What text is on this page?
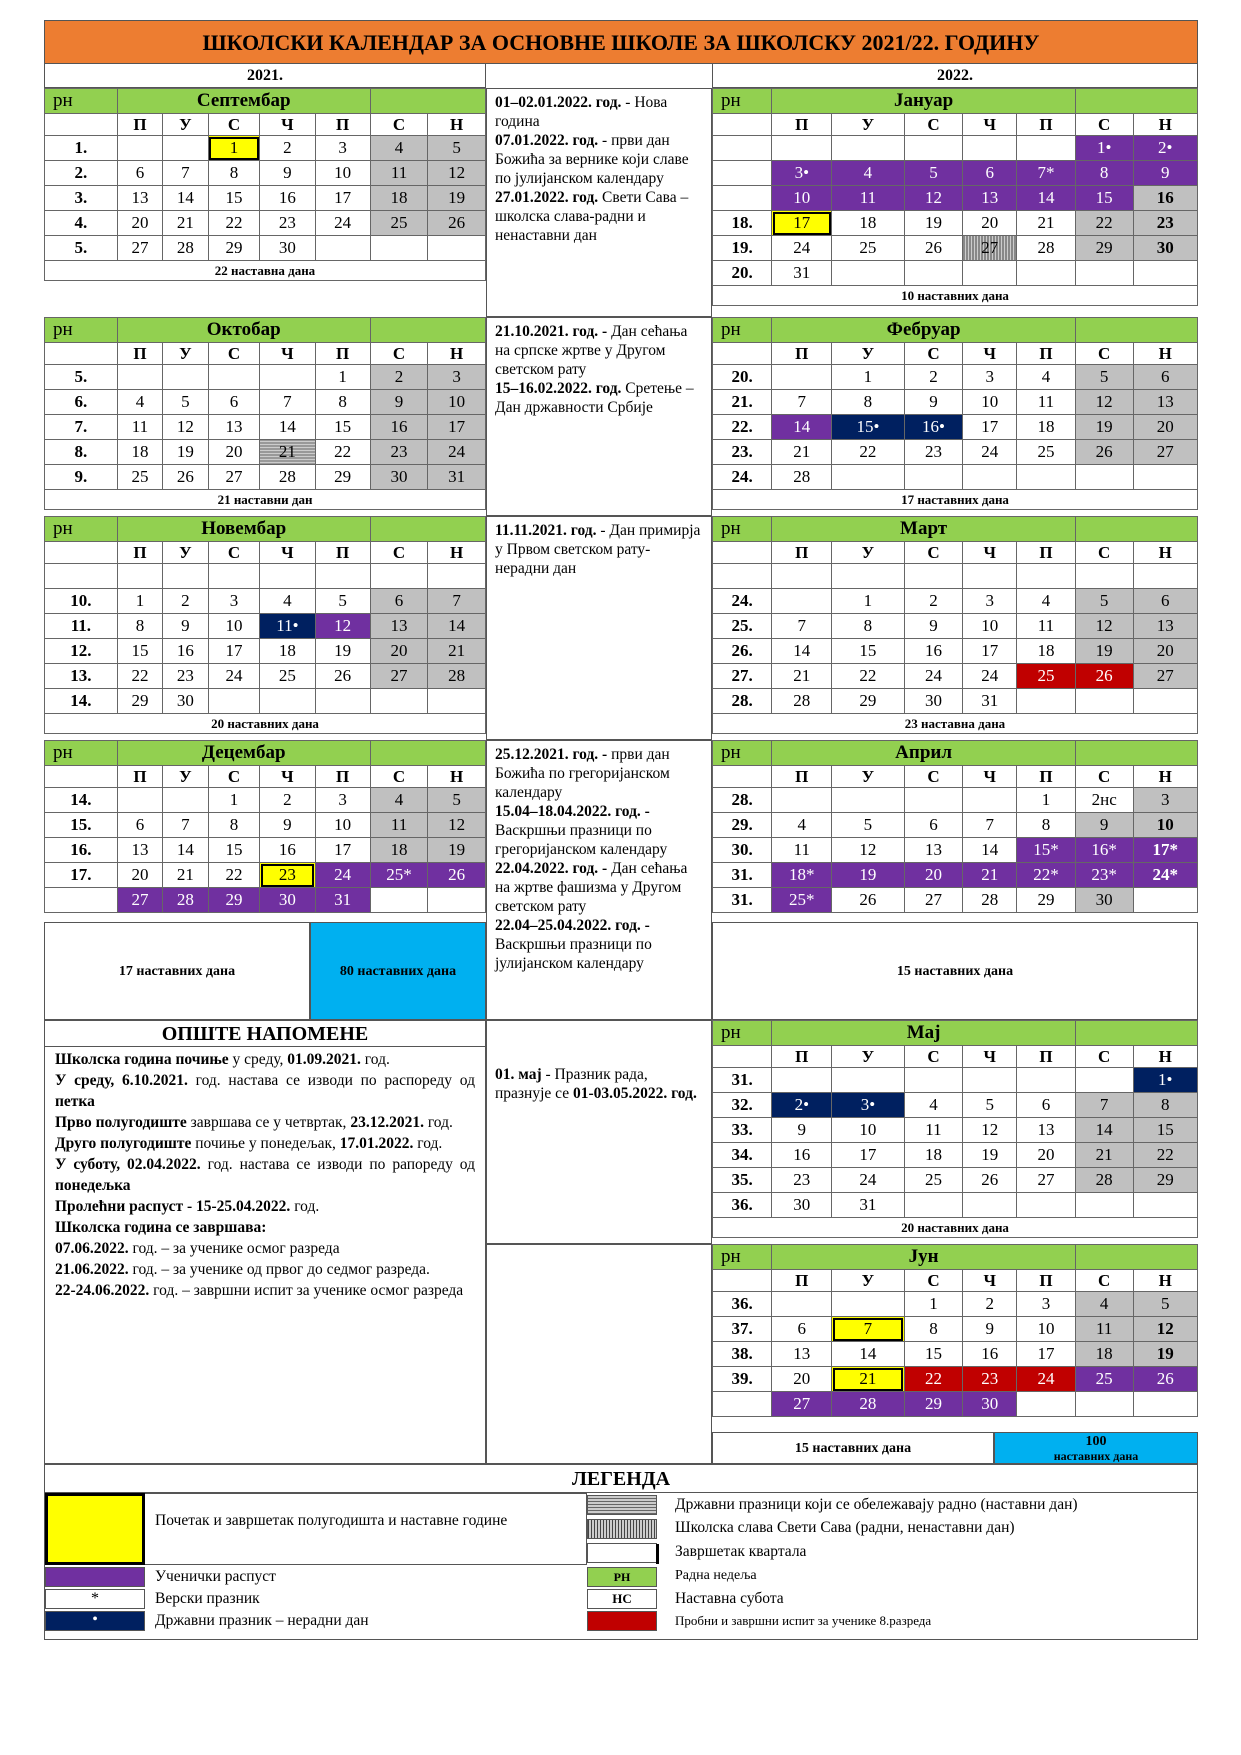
ШКОЛСКИ КАЛЕНДАР ЗА ОСНОВНЕ ШКОЛЕ ЗА ШКОЛСКУ 2021/22. ГОДИНУ
2021.	2022.
рн	Септембар						
	П	У	С	Ч	П	С	Н
1.			1	2	3	4	5
2.	6	7	8	9	10	11	12
3.	13	14	15	16	17	18	19
4.	20	21	22	23	24	25	26
5.	27	28	29	30			
22 наставна дана							
рн	Октобар						
	П	У	С	Ч	П	С	Н
5.					1	2	3
6.	4	5	6	7	8	9	10
7.	11	12	13	14	15	16	17
8.	18	19	20	21	22	23	24
9.	25	26	27	28	29	30	31
21 наставни дан							
рн	Новембар						
	П	У	С	Ч	П	С	Н

10.	1	2	3	4	5	6	7
11.	8	9	10	11•	12	13	14
12.	15	16	17	18	19	20	21
13.	22	23	24	25	26	27	28
14.	29	30					
20 наставних дана							
рн	Децембар						
	П	У	С	Ч	П	С	Н
14.			1	2	3	4	5
15.	6	7	8	9	10	11	12
16.	13	14	15	16	17	18	19
17.	20	21	22	23	24	25*	26
	27	28	29	30	31		
рн	Јануар						
	П	У	С	Ч	П	С	Н
						1•	2•
	3•	4	5	6	7*	8	9
	10	11	12	13	14	15	16
18.	17	18	19	20	21	22	23
19.	24	25	26	27	28	29	30
20.	31						
10 наставних дана							
рн	Фебруар						
	П	У	С	Ч	П	С	Н
20.		1	2	3	4	5	6
21.	7	8	9	10	11	12	13
22.	14	15•	16•	17	18	19	20
23.	21	22	23	24	25	26	27
24.	28						
17 наставних дана							
рн	Март						
	П	У	С	Ч	П	С	Н

24.		1	2	3	4	5	6
25.	7	8	9	10	11	12	13
26.	14	15	16	17	18	19	20
27.	21	22	24	24	25	26	27
28.	28	29	30	31			
23 наставна дана							
рн	Април						
	П	У	С	Ч	П	С	Н
28.					1	2нс	3
29.	4	5	6	7	8	9	10
30.	11	12	13	14	15*	16*	17*
31.	18*	19	20	21	22*	23*	24*
31.	25*	26	27	28	29	30	
рн	Мај						
	П	У	С	Ч	П	С	Н
31.							1•
32.	2•	3•	4	5	6	7	8
33.	9	10	11	12	13	14	15
34.	16	17	18	19	20	21	22
35.	23	24	25	26	27	28	29
36.	30	31					
20 наставних дана							
рн	Јун						
	П	У	С	Ч	П	С	Н
36.			1	2	3	4	5
37.	6	7	8	9	10	11	12
38.	13	14	15	16	17	18	19
39.	20	21	22	23	24	25	26
	27	28	29	30			
17 наставних дана	80 наставних дана	15 наставних дана
15 наставних дана	100
наставних дана
01–02.01.2022. год. - Нова година
07.01.2022. год. - први дан Божића за вернике који славе по јулијанском календару
27.01.2022. год. Свети Сава – школска слава-радни и ненаставни дан

21.10.2021. год. - Дан сећања на српске жртве у Другом светском рату
15–16.02.2022. год. Сретење – Дан државности Србије

11.11.2021. год. - Дан примирја у Првом светском рату-нерадни дан

25.12.2021. год. - први дан Божића по грегоријанском календару
15.04–18.04.2022. год. - Васкршњи празници по грегоријанском календару
22.04.2022. год. - Дан сећања на жртве фашизма у Другом светском рату
22.04–25.04.2022. год. - Васкршњи празници по јулијанском календару

01. мај - Празник рада, празнује се 01-03.05.2022. год.
ОПШТЕ НАПОМЕНЕ
Школска година почиње у среду, 01.09.2021. год.
У среду, 6.10.2021. год. настава се изводи по распореду од петка
Прво полугодиште завршава се у четвртак, 23.12.2021. год.
Друго полугодиште почиње у понедељак, 17.01.2022. год.
У суботу, 02.04.2022. год. настава се изводи по рапореду од понедељка
Пролећни распуст - 15-25.04.2022. год.
Школска година се завршава:
07.06.2022. год. – за ученике осмог разреда
21.06.2022. год. – за ученике од првог до седмог разреда.
22-24.06.2022. год. – завршни испит за ученике осмог разреда
ЛЕГЕНДА
Почетак и завршетак полугодишта и наставне године
Државни празници који се обележавају радно (наставни дан)
Школска слава Свети Сава (радни, ненаставни дан)
Завршетак квартала
Ученички распуст	РН	Радна недеља
*	Верски празник	НС	Наставна субота
•	Државни празник – нерадни дан	Пробни и завршни испит за ученике 8.разреда
